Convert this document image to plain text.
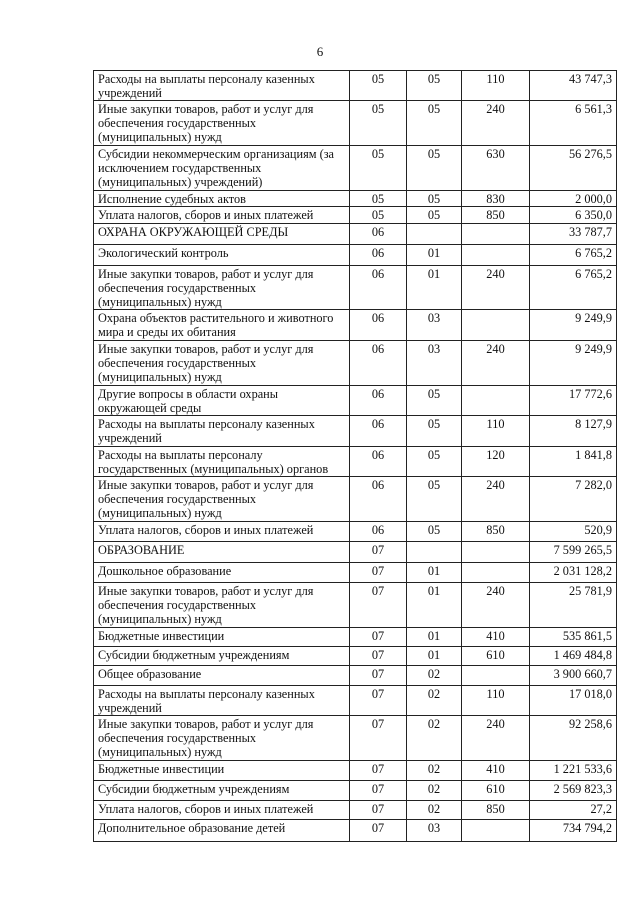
6
Расходы на выплаты персоналу казенных учреждений	05	05	110	43 747,3
Иные закупки товаров, работ и услуг для обеспечения государственных (муниципальных) нужд	05	05	240	6 561,3
Субсидии некоммерческим организациям (за исключением государственных (муниципальных) учреждений)	05	05	630	56 276,5
Исполнение судебных актов	05	05	830	2 000,0
Уплата налогов, сборов и иных платежей	05	05	850	6 350,0
ОХРАНА ОКРУЖАЮЩЕЙ СРЕДЫ	06			33 787,7
Экологический контроль	06	01		6 765,2
Иные закупки товаров, работ и услуг для обеспечения государственных (муниципальных) нужд	06	01	240	6 765,2
Охрана объектов растительного и животного мира и среды их обитания	06	03		9 249,9
Иные закупки товаров, работ и услуг для обеспечения государственных (муниципальных) нужд	06	03	240	9 249,9
Другие вопросы в области охраны окружающей среды	06	05		17 772,6
Расходы на выплаты персоналу казенных учреждений	06	05	110	8 127,9
Расходы на выплаты персоналу государственных (муниципальных) органов	06	05	120	1 841,8
Иные закупки товаров, работ и услуг для обеспечения государственных (муниципальных) нужд	06	05	240	7 282,0
Уплата налогов, сборов и иных платежей	06	05	850	520,9
ОБРАЗОВАНИЕ	07			7 599 265,5
Дошкольное образование	07	01		2 031 128,2
Иные закупки товаров, работ и услуг для обеспечения государственных (муниципальных) нужд	07	01	240	25 781,9
Бюджетные инвестиции	07	01	410	535 861,5
Субсидии бюджетным учреждениям	07	01	610	1 469 484,8
Общее образование	07	02		3 900 660,7
Расходы на выплаты персоналу казенных учреждений	07	02	110	17 018,0
Иные закупки товаров, работ и услуг для обеспечения государственных (муниципальных) нужд	07	02	240	92 258,6
Бюджетные инвестиции	07	02	410	1 221 533,6
Субсидии бюджетным учреждениям	07	02	610	2 569 823,3
Уплата налогов, сборов и иных платежей	07	02	850	27,2
Дополнительное образование детей	07	03		734 794,2
